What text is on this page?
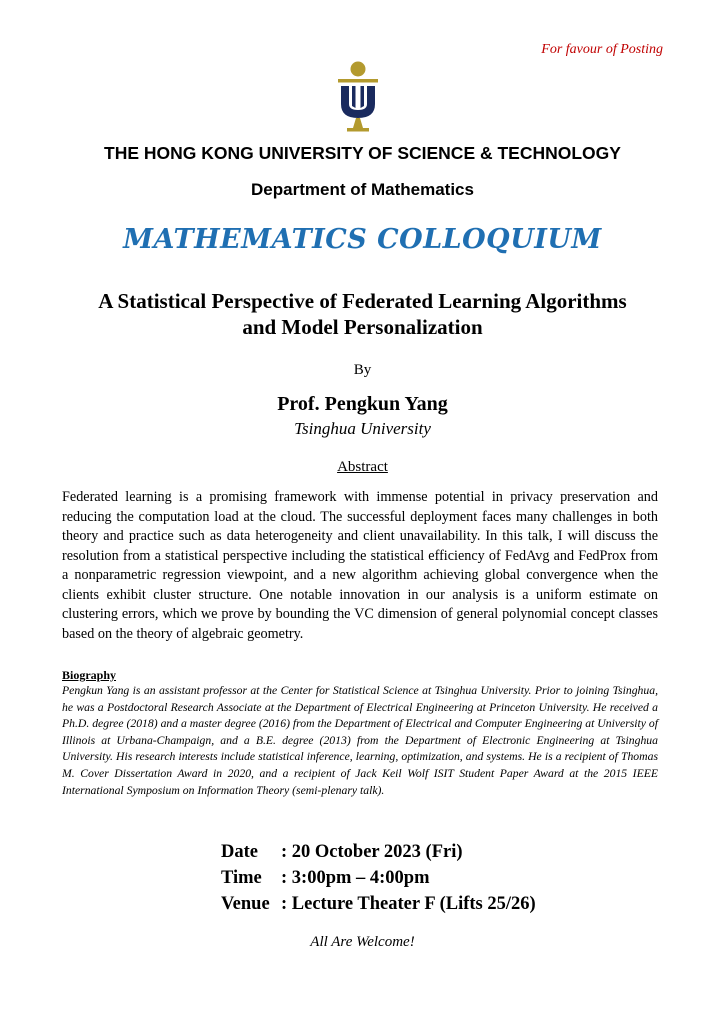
For favour of Posting
THE HONG KONG UNIVERSITY OF SCIENCE & TECHNOLOGY
Department of Mathematics
MATHEMATICS COLLOQUIUM
A Statistical Perspective of Federated Learning Algorithms
and Model Personalization
By
Prof. Pengkun Yang
Tsinghua University
Abstract
Federated learning is a promising framework with immense potential in privacy preservation and reducing the computation load at the cloud. The successful deployment faces many challenges in both theory and practice such as data heterogeneity and client unavailability. In this talk, I will discuss the resolution from a statistical perspective including the statistical efficiency of FedAvg and FedProx from a nonparametric regression viewpoint, and a new algorithm achieving global convergence when the clients exhibit cluster structure. One notable innovation in our analysis is a uniform estimate on clustering errors, which we prove by bounding the VC dimension of general polynomial concept classes based on the theory of algebraic geometry.
Biography
Pengkun Yang is an assistant professor at the Center for Statistical Science at Tsinghua University. Prior to joining Tsinghua, he was a Postdoctoral Research Associate at the Department of Electrical Engineering at Princeton University. He received a Ph.D. degree (2018) and a master degree (2016) from the Department of Electrical and Computer Engineering at University of Illinois at Urbana-Champaign, and a B.E. degree (2013) from the Department of Electronic Engineering at Tsinghua University. His research interests include statistical inference, learning, optimization, and systems. He is a recipient of Thomas M. Cover Dissertation Award in 2020, and a recipient of Jack Keil Wolf ISIT Student Paper Award at the 2015 IEEE International Symposium on Information Theory (semi-plenary talk).
Date : 20 October 2023 (Fri)
Time : 3:00pm – 4:00pm
Venue : Lecture Theater F (Lifts 25/26)
All Are Welcome!
